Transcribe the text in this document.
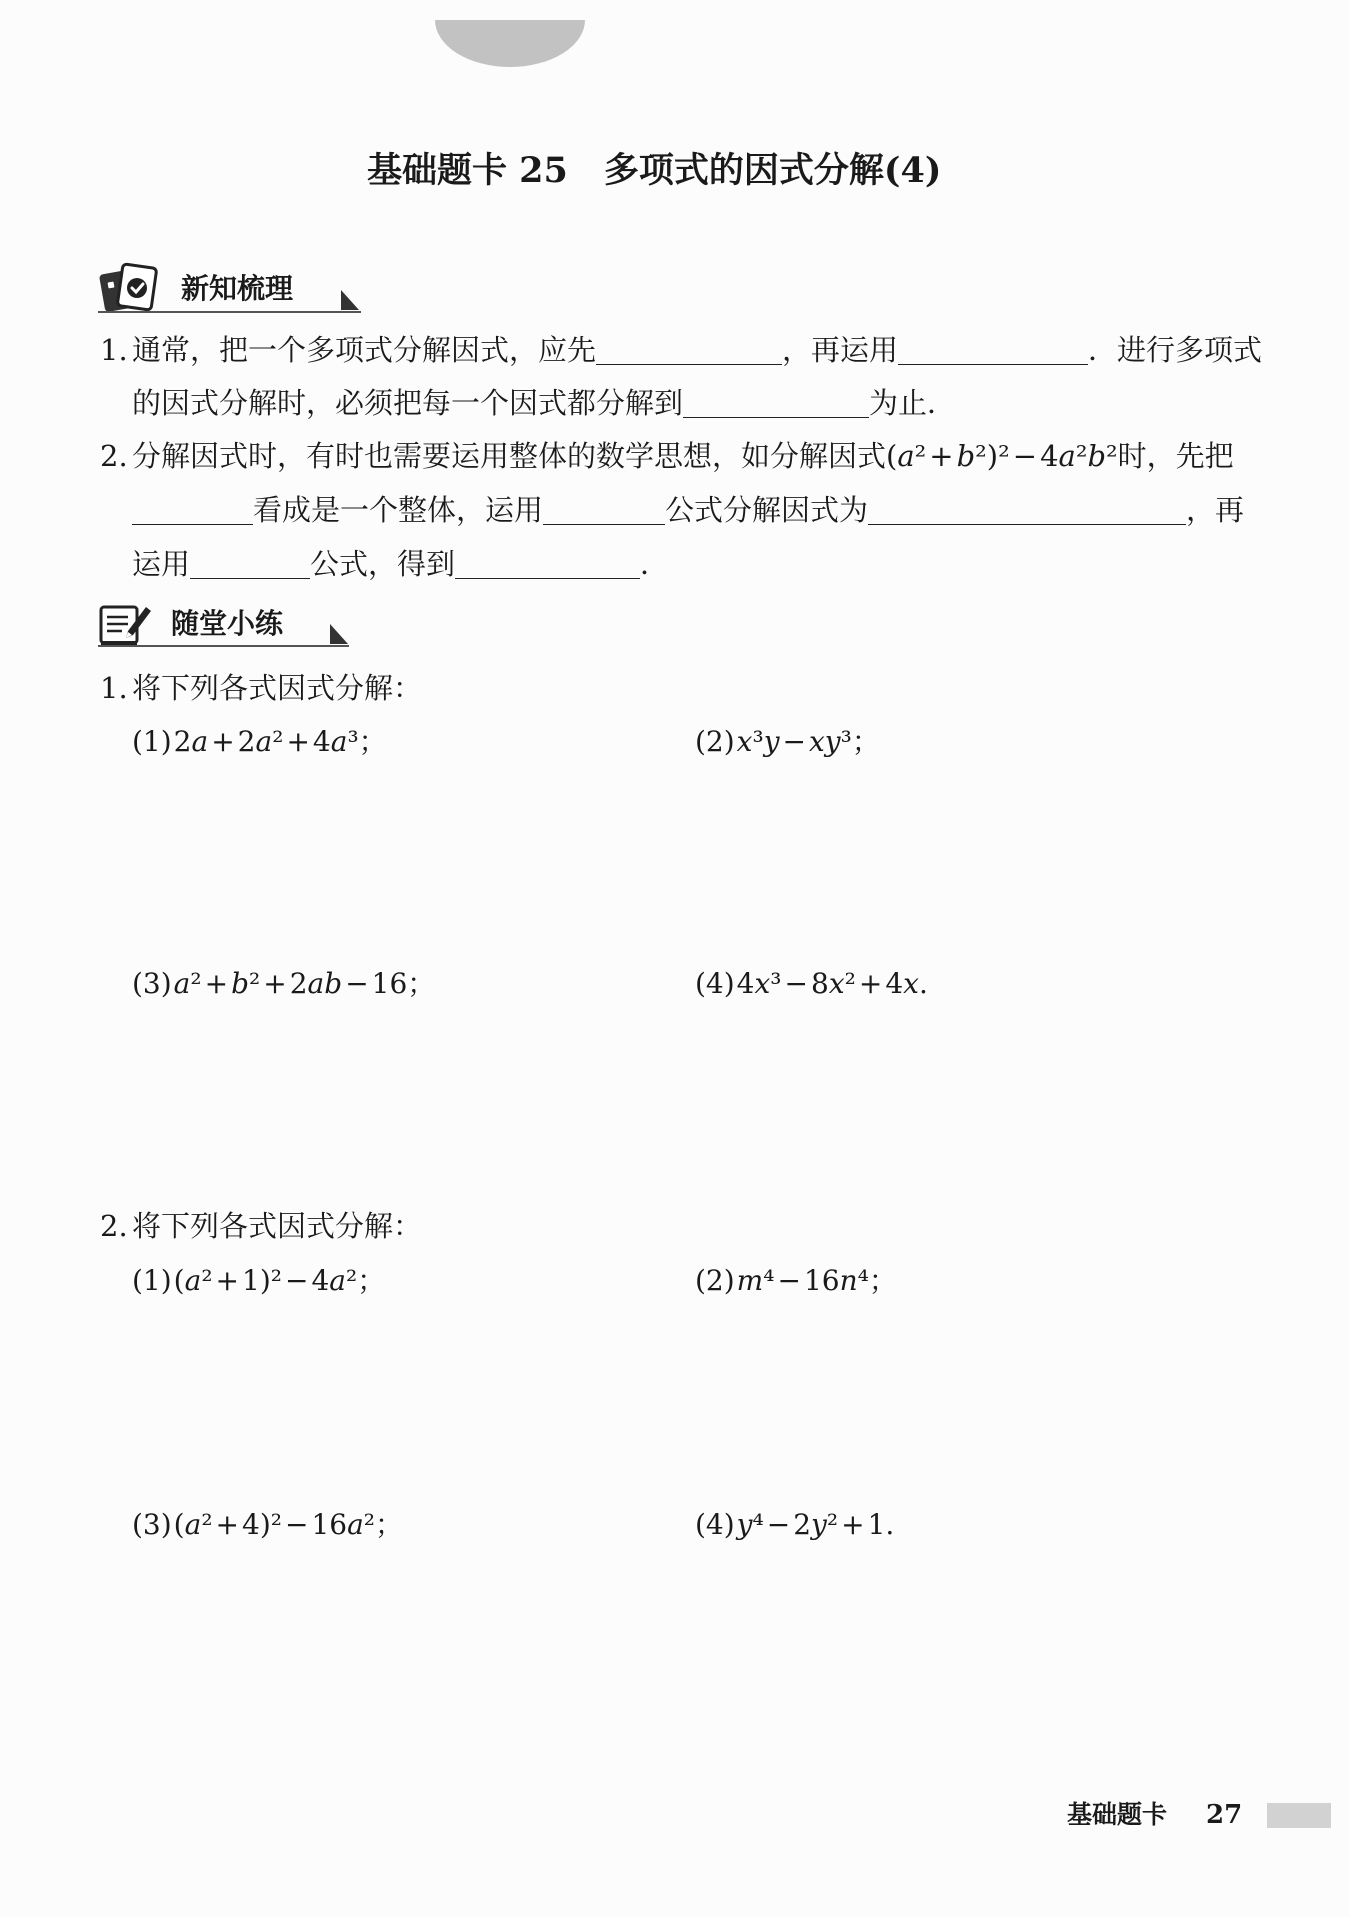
基础题卡 25 多项式的因式分解(4)
新知梳理
1. 通常，把一个多项式分解因式，应先	，再运用	．进行多项式
的因式分解时，必须把每一个因式都分解到	为止．
2. 分解因式时，有时也需要运用整体的数学思想，如分解因式(a² + b²)² − 4a²b²时，先把
看成是一个整体，运用	公式分解因式为	，再
运用	公式，得到	．
随堂小练
1. 将下列各式因式分解：
(1)2a + 2a² + 4a³；	(2)x³y − xy³；
(3)a² + b² + 2ab − 16；	(4)4x³ − 8x² + 4x.
2. 将下列各式因式分解：
(1)(a² + 1)² − 4a²；	(2)m⁴ − 16n⁴；
(3)(a² + 4)² − 16a²；	(4)y⁴ − 2y² + 1.
基础题卡 27
